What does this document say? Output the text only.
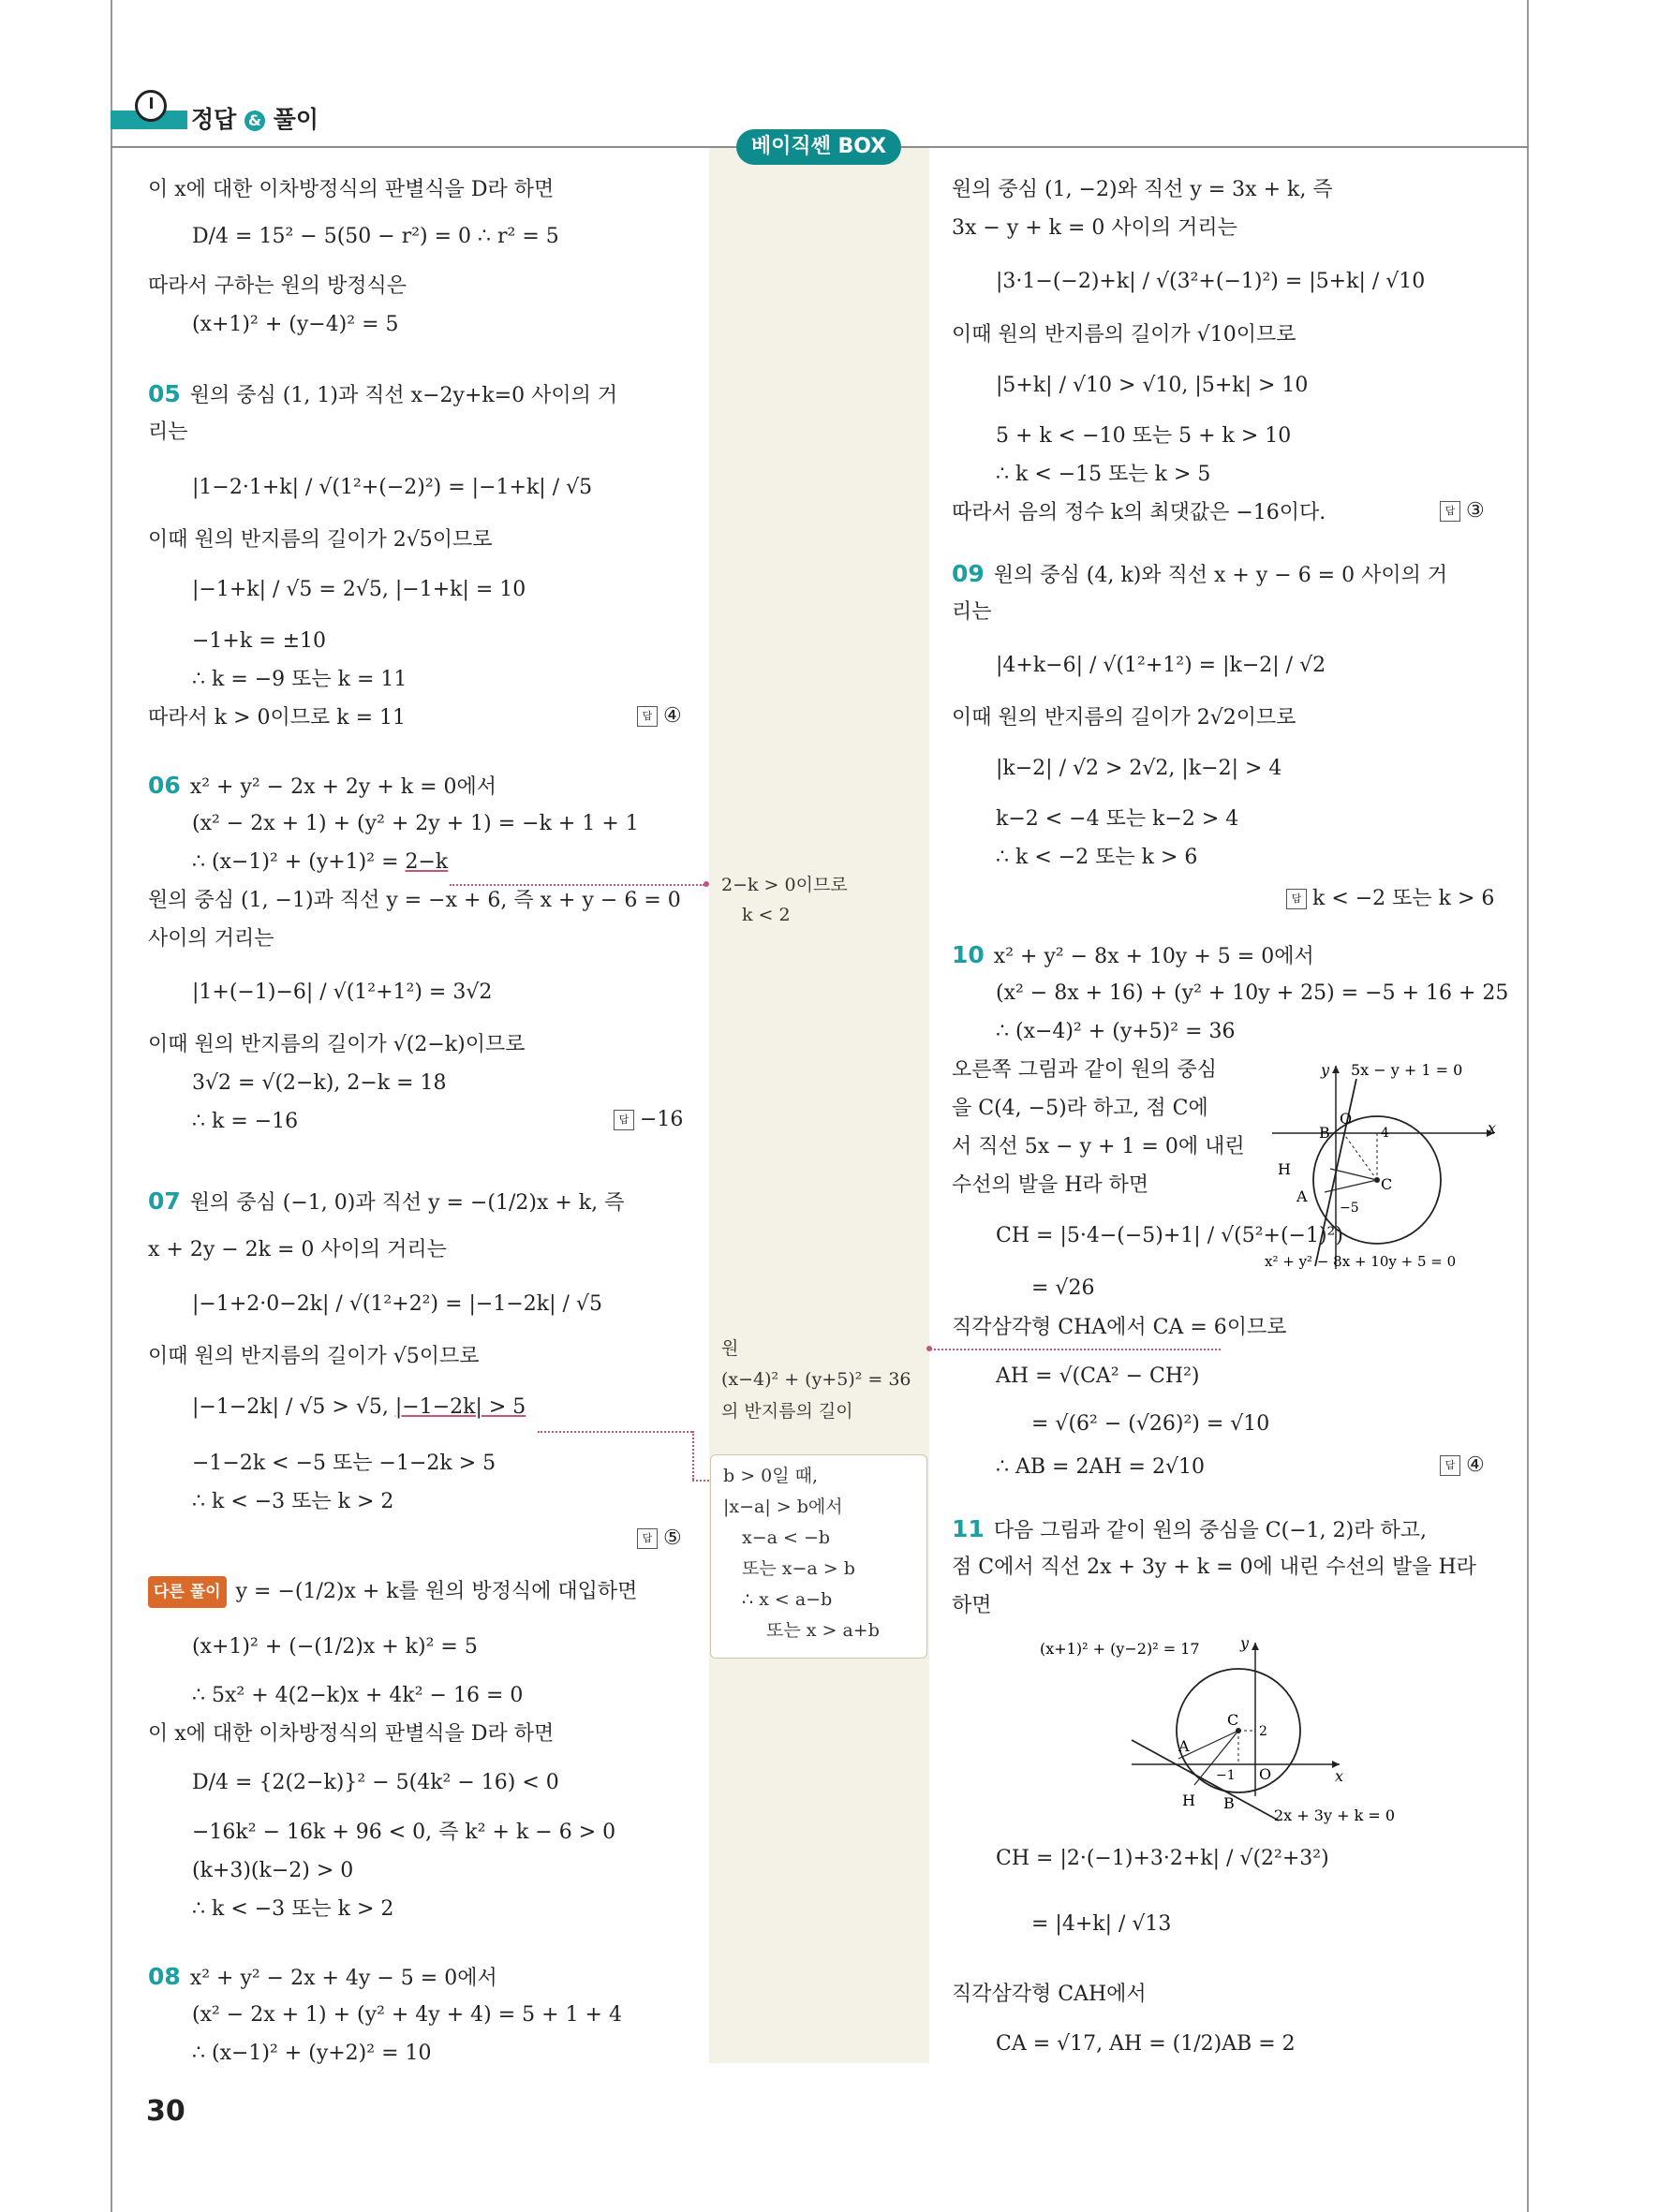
정답 & 풀이
베이직쎈 BOX
이 x에 대한 이차방정식의 판별식을 D라 하면
D/4 = 15² − 5(50 − r²) = 0 ∴ r² = 5
따라서 구하는 원의 방정식은
(x+1)² + (y−4)² = 5
05 원의 중심 (1, 1)과 직선 x−2y+k=0 사이의 거
리는
|1−2·1+k| / √(1²+(−2)²) = |−1+k| / √5
이때 원의 반지름의 길이가 2√5이므로
|−1+k| / √5 = 2√5, |−1+k| = 10
−1+k = ±10
∴ k = −9 또는 k = 11
따라서 k > 0이므로 k = 11	답 ④
06 x² + y² − 2x + 2y + k = 0에서
(x² − 2x + 1) + (y² + 2y + 1) = −k + 1 + 1
∴ (x−1)² + (y+1)² = 2−k
원의 중심 (1, −1)과 직선 y = −x + 6, 즉 x + y − 6 = 0
사이의 거리는
|1+(−1)−6| / √(1²+1²) = 3√2
이때 원의 반지름의 길이가 √(2−k)이므로
3√2 = √(2−k), 2−k = 18
∴ k = −16	답 −16
07 원의 중심 (−1, 0)과 직선 y = −(1/2)x + k, 즉
x + 2y − 2k = 0 사이의 거리는
|−1+2·0−2k| / √(1²+2²) = |−1−2k| / √5
이때 원의 반지름의 길이가 √5이므로
|−1−2k| / √5 > √5, |−1−2k| > 5
−1−2k < −5 또는 −1−2k > 5
∴ k < −3 또는 k > 2
답 ⑤
다른 풀이 y = −(1/2)x + k를 원의 방정식에 대입하면
(x+1)² + (−(1/2)x + k)² = 5
∴ 5x² + 4(2−k)x + 4k² − 16 = 0
이 x에 대한 이차방정식의 판별식을 D라 하면
D/4 = {2(2−k)}² − 5(4k² − 16) < 0
−16k² − 16k + 96 < 0, 즉 k² + k − 6 > 0
(k+3)(k−2) > 0
∴ k < −3 또는 k > 2
08 x² + y² − 2x + 4y − 5 = 0에서
(x² − 2x + 1) + (y² + 4y + 4) = 5 + 1 + 4
∴ (x−1)² + (y+2)² = 10
30
2−k > 0이므로
k < 2
원
(x−4)² + (y+5)² = 36
의 반지름의 길이
b > 0일 때,
|x−a| > b에서
x−a < −b
또는 x−a > b
∴ x < a−b
또는 x > a+b
원의 중심 (1, −2)와 직선 y = 3x + k, 즉
3x − y + k = 0 사이의 거리는
|3·1−(−2)+k| / √(3²+(−1)²) = |5+k| / √10
이때 원의 반지름의 길이가 √10이므로
|5+k| / √10 > √10, |5+k| > 10
5 + k < −10 또는 5 + k > 10
∴ k < −15 또는 k > 5
따라서 음의 정수 k의 최댓값은 −16이다.	답 ③
09 원의 중심 (4, k)와 직선 x + y − 6 = 0 사이의 거
리는
|4+k−6| / √(1²+1²) = |k−2| / √2
이때 원의 반지름의 길이가 2√2이므로
|k−2| / √2 > 2√2, |k−2| > 4
k−2 < −4 또는 k−2 > 4
∴ k < −2 또는 k > 6
답 k < −2 또는 k > 6
10 x² + y² − 8x + 10y + 5 = 0에서
(x² − 8x + 16) + (y² + 10y + 25) = −5 + 16 + 25
∴ (x−4)² + (y+5)² = 36
오른쪽 그림과 같이 원의 중심
을 C(4, −5)라 하고, 점 C에
서 직선 5x − y + 1 = 0에 내린
수선의 발을 H라 하면
CH = |5·4−(−5)+1| / √(5²+(−1)²)
= √26
직각삼각형 CHA에서 CA = 6이므로
AH = √(CA² − CH²)
= √(6² − (√26)²) = √10
∴ AB = 2AH = 2√10	답 ④
11 다음 그림과 같이 원의 중심을 C(−1, 2)라 하고,
점 C에서 직선 2x + 3y + k = 0에 내린 수선의 발을 H라
하면
CH = |2·(−1)+3·2+k| / √(2²+3²)
= |4+k| / √13
직각삼각형 CAH에서
CA = √17, AH = (1/2)AB = 2
y 5x − y + 1 = 0
O
B	4	x
H
C
A
−5
x² + y² − 8x + 10y + 5 = 0
(x+1)² + (y−2)² = 17	y
C
2
A
−1 O	x
H B
2x + 3y + k = 0
